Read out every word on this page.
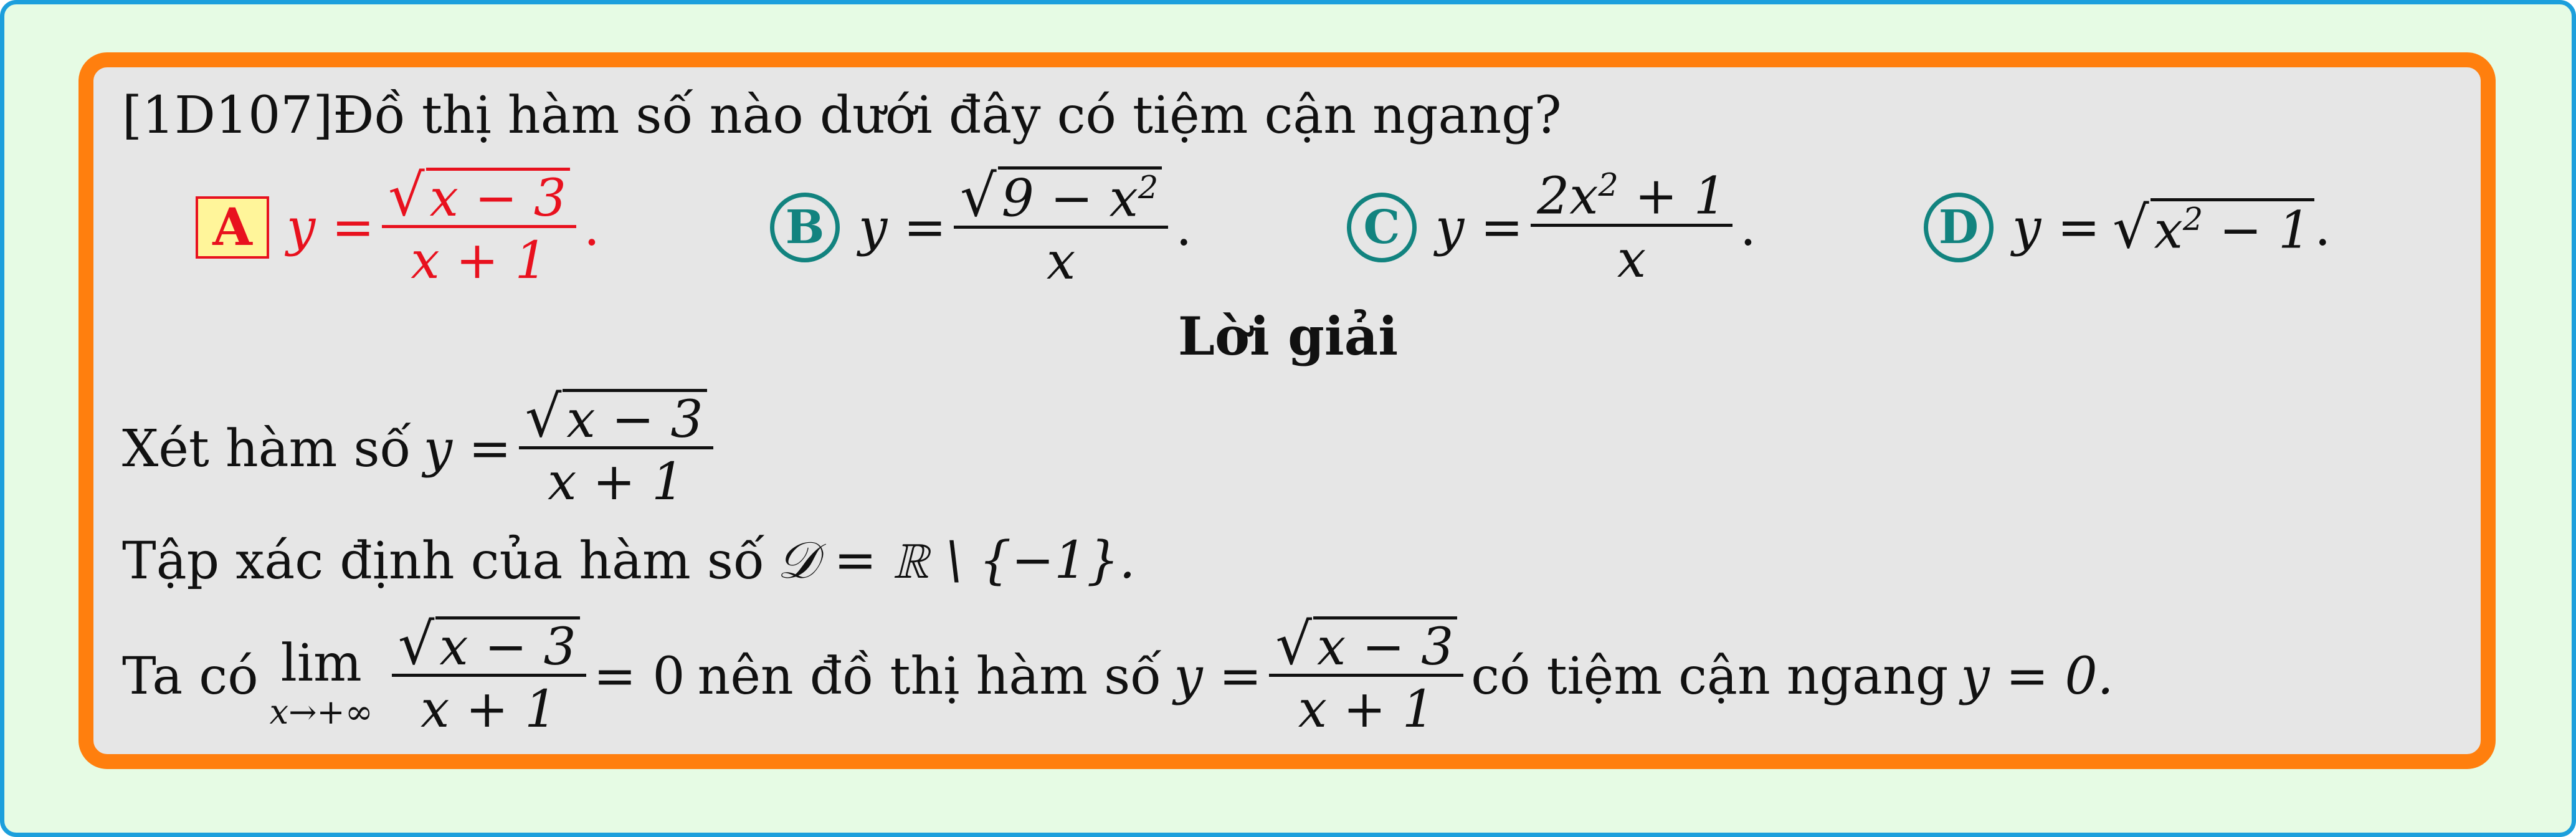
[1D107] Đồ thị hàm số nào dưới đây có tiệm cận ngang?
A $y = \frac{√ x - 3}{x + 1}$ .	B $y = \frac{√ 9 - x^2}{x}$ .	C $y = \frac{2x^2 + 1}{x}$ .	D y = √ $x^2 - 1$ .
Lời giải
Xét hàm số $y = \frac{√ x - 3}{x + 1}$
Tập xác định của hàm số 𝒟 = ℝ \ {−1}.
Ta có lim
$x\to+\infty \frac{√ x - 3}{x + 1} = 0$ nên đồ thị hàm số $y = \frac{√ x - 3}{x + 1}$ có tiệm cận ngang y = 0.
